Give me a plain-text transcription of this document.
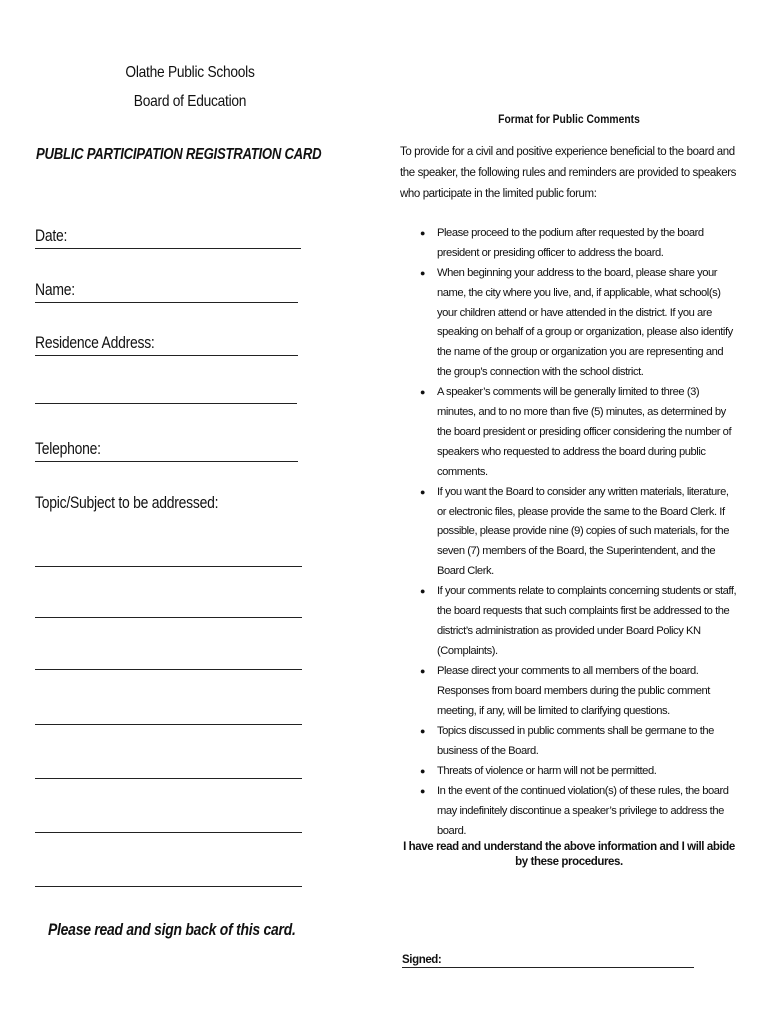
Olathe Public Schools
Board of Education
PUBLIC PARTICIPATION REGISTRATION CARD
Date:
Name:
Residence Address:
Telephone:
Topic/Subject to be addressed:
Please read and sign back of this card.
Format for Public Comments
To provide for a civil and positive experience beneficial to the board and the speaker, the following rules and reminders are provided to speakers who participate in the limited public forum:
● Please proceed to the podium after requested by the board president or presiding officer to address the board.
● When beginning your address to the board, please share your name, the city where you live, and, if applicable, what school(s) your children attend or have attended in the district. If you are speaking on behalf of a group or organization, please also identify the name of the group or organization you are representing and the group’s connection with the school district.
● A speaker’s comments will be generally limited to three (3) minutes, and to no more than five (5) minutes, as determined by the board president or presiding officer considering the number of speakers who requested to address the board during public comments.
● If you want the Board to consider any written materials, literature, or electronic files, please provide the same to the Board Clerk. If possible, please provide nine (9) copies of such materials, for the seven (7) members of the Board, the Superintendent, and the Board Clerk.
● If your comments relate to complaints concerning students or staff, the board requests that such complaints first be addressed to the district’s administration as provided under Board Policy KN (Complaints).
● Please direct your comments to all members of the board. Responses from board members during the public comment meeting, if any, will be limited to clarifying questions.
● Topics discussed in public comments shall be germane to the business of the Board.
● Threats of violence or harm will not be permitted.
● In the event of the continued violation(s) of these rules, the board may indefinitely discontinue a speaker’s privilege to address the board.
I have read and understand the above information and I will abide by these procedures.
Signed:
